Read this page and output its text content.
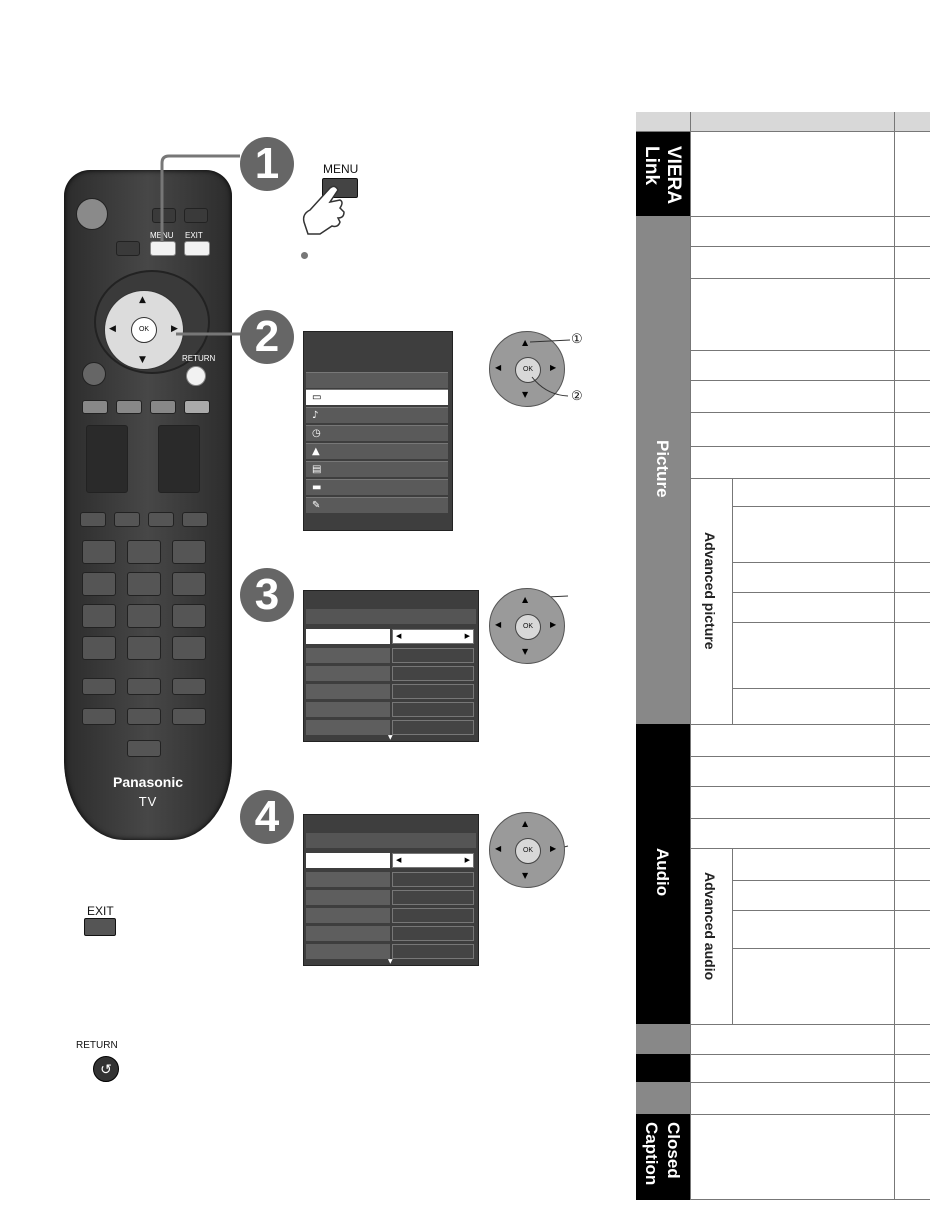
MENU EXIT
▲
▼
◀	▶
OK
RETURN
Panasonic
TV
1
2
3
4
MENU
▭
♪
◷
▲
▤
▬
✎
▲
▼
◀	▶
OK
①
②
◀	▶
▼
▲
▼
◀	▶
OK
◀	▶
▼
▲
▼
◀	▶
OK
EXIT
RETURN
↺
VIERA Link
Picture
Audio
Closed Caption
Advanced picture
Advanced audio
